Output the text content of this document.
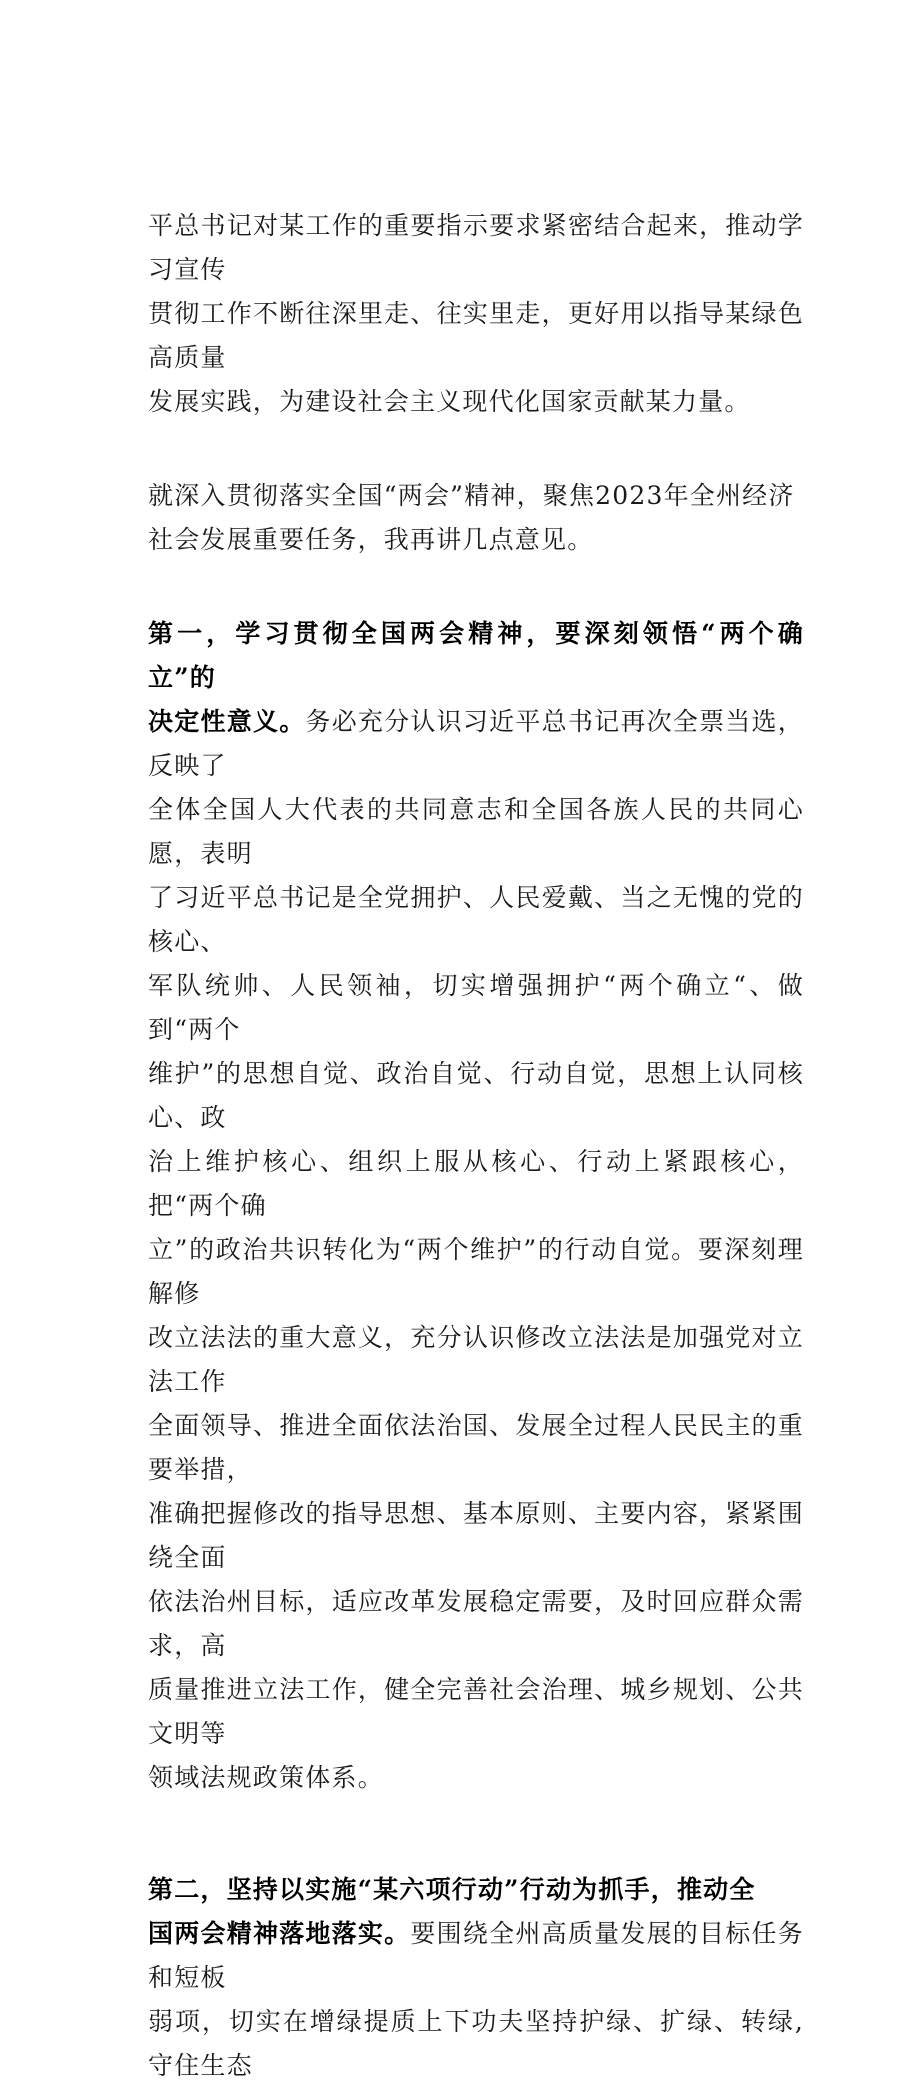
平总书记对某工作的重要指示要求紧密结合起来，推动学习宣传
贯彻工作不断往深里走、往实里走，更好用以指导某绿色高质量
发展实践，为建设社会主义现代化国家贡献某力量。

就深入贯彻落实全国“两会”精神，聚焦2023年全州经济
社会发展重要任务，我再讲几点意见。

第一，学习贯彻全国两会精神，要深刻领悟“两个确立”的
决定性意义。务必充分认识习近平总书记再次全票当选，反映了
全体全国人大代表的共同意志和全国各族人民的共同心愿，表明
了习近平总书记是全党拥护、人民爱戴、当之无愧的党的核心、
军队统帅、人民领袖，切实增强拥护“两个确立“、做到“两个
维护”的思想自觉、政治自觉、行动自觉，思想上认同核心、政
治上维护核心、组织上服从核心、行动上紧跟核心，把“两个确
立”的政治共识转化为“两个维护”的行动自觉。要深刻理解修
改立法法的重大意义，充分认识修改立法法是加强党对立法工作
全面领导、推进全面依法治国、发展全过程人民民主的重要举措，
准确把握修改的指导思想、基本原则、主要内容，紧紧围绕全面
依法治州目标，适应改革发展稳定需要，及时回应群众需求，高
质量推进立法工作，健全完善社会治理、城乡规划、公共文明等
领域法规政策体系。

第二，坚持以实施“某六项行动”行动为抓手，推动全
国两会精神落地落实。要围绕全州高质量发展的目标任务和短板
弱项，切实在增绿提质上下功夫坚持护绿、扩绿、转绿,守住生态
